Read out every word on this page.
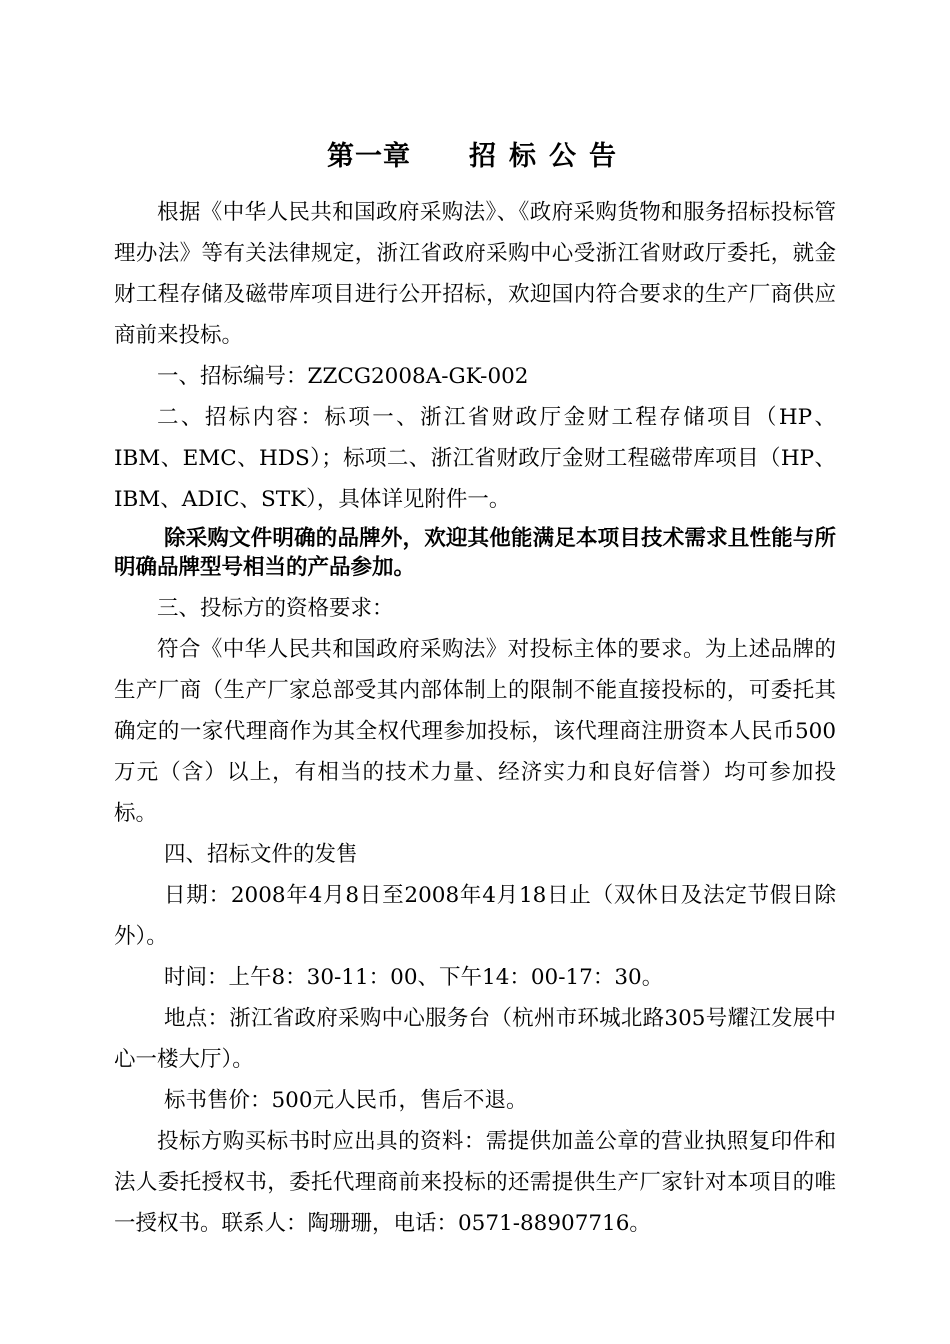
第一章 招 标 公 告

根据《中华人民共和国政府采购法》、《政府采购货物和服务招标投标管理办法》等有关法律规定，浙江省政府采购中心受浙江省财政厅委托，就金财工程存储及磁带库项目进行公开招标，欢迎国内符合要求的生产厂商供应商前来投标。

一、招标编号：ZZCG2008A-GK-002

二、招标内容：标项一、浙江省财政厅金财工程存储项目（HP、IBM、EMC、HDS）；标项二、浙江省财政厅金财工程磁带库项目（HP、IBM、ADIC、STK），具体详见附件一。

除采购文件明确的品牌外，欢迎其他能满足本项目技术需求且性能与所明确品牌型号相当的产品参加。

三、投标方的资格要求：

符合《中华人民共和国政府采购法》对投标主体的要求。为上述品牌的生产厂商（生产厂家总部受其内部体制上的限制不能直接投标的，可委托其确定的一家代理商作为其全权代理参加投标，该代理商注册资本人民币500万元（含）以上，有相当的技术力量、经济实力和良好信誉）均可参加投标。

四、招标文件的发售

日期：2008年4月8日至2008年4月18日止（双休日及法定节假日除外）。

时间：上午8：30-11：00、下午14：00-17：30。

地点：浙江省政府采购中心服务台（杭州市环城北路305号耀江发展中心一楼大厅）。

标书售价：500元人民币，售后不退。

投标方购买标书时应出具的资料：需提供加盖公章的营业执照复印件和法人委托授权书，委托代理商前来投标的还需提供生产厂家针对本项目的唯一授权书。联系人：陶珊珊，电话：0571-88907716。
